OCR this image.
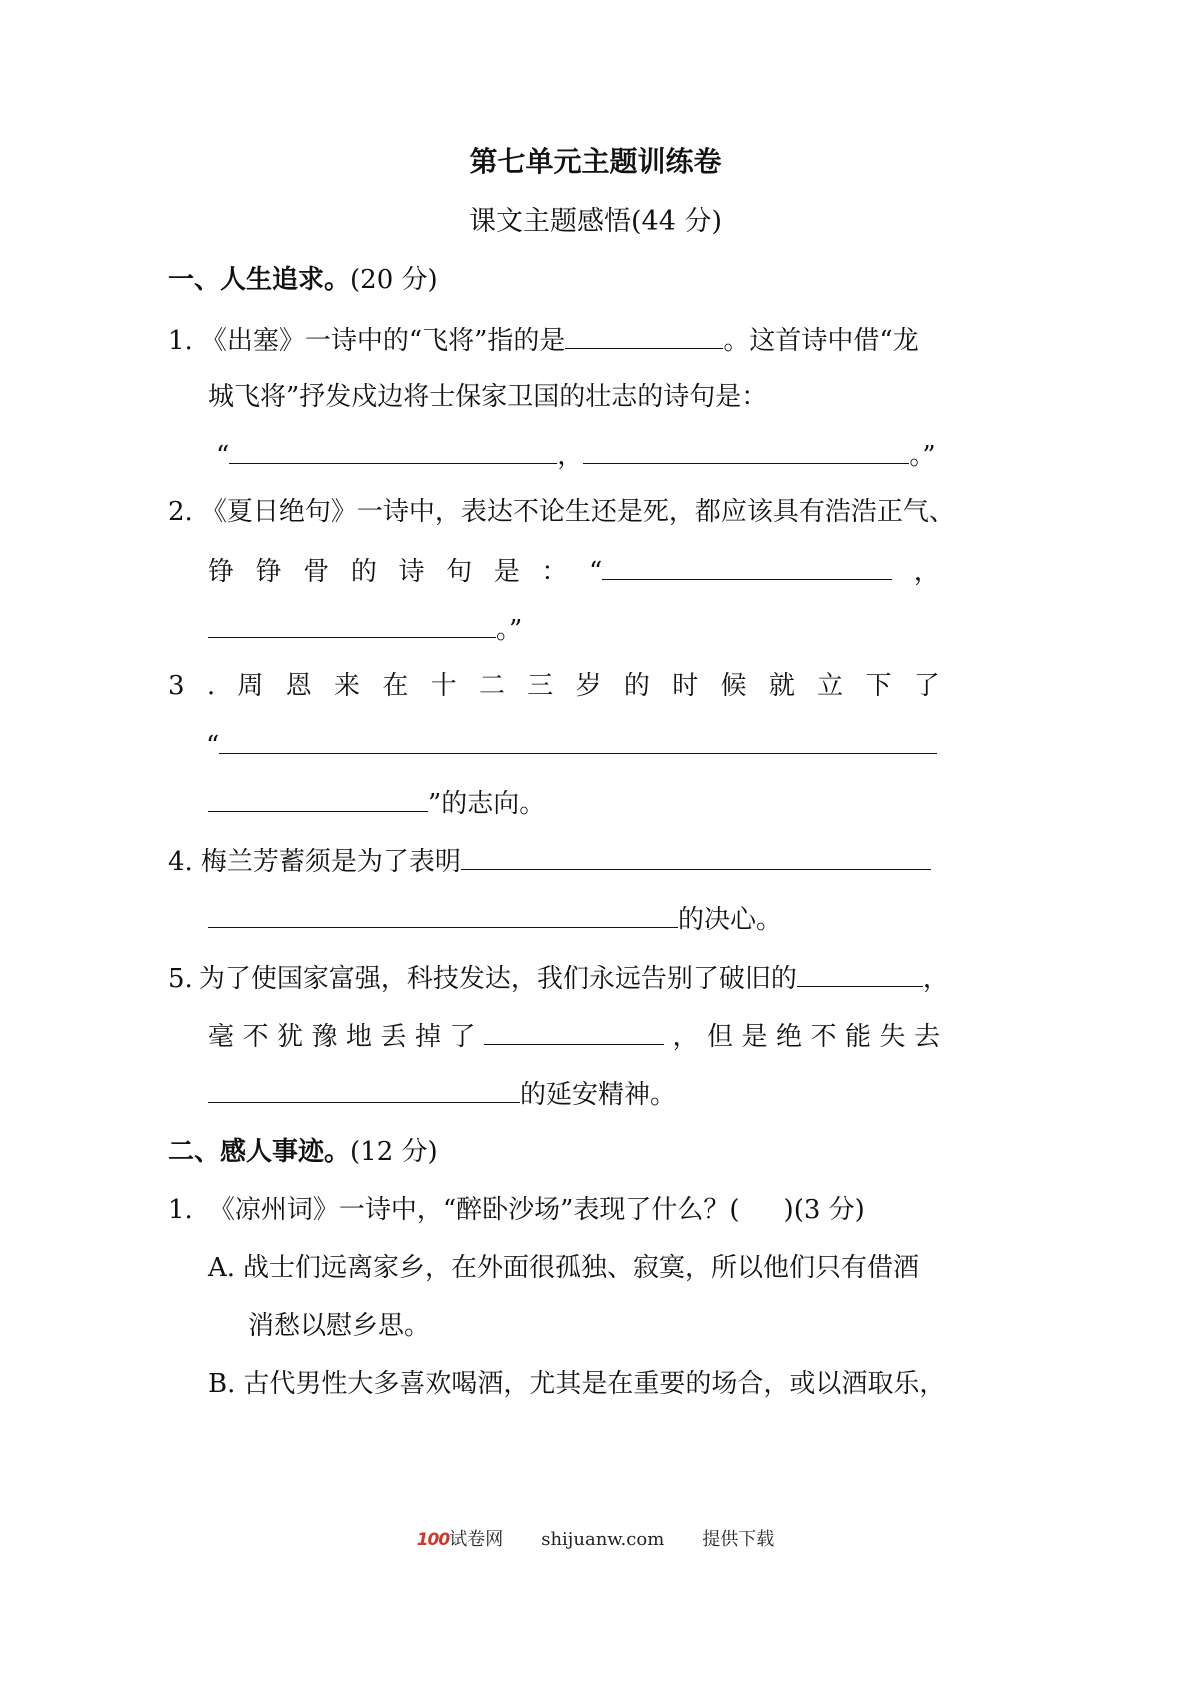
第七单元主题训练卷
课文主题感悟(44 分)
一、人生追求。(20 分)
1. 《出塞》一诗中的“飞将”指的是	。这首诗中借“龙
城飞将”抒发戍边将士保家卫国的壮志的诗句是：
“	，	。”
2. 《夏日绝句》一诗中，表达不论生还是死，都应该具有浩浩正气、
铮 铮 骨 的 诗 句 是 ： “	，
。”
3 . 周 恩 来 在 十 二 三 岁 的 时 候 就 立 下 了
“
”的志向。
4. 梅兰芳蓄须是为了表明
的决心。
5. 为了使国家富强，科技发达，我们永远告别了破旧的	，
毫 不 犹 豫 地 丢 掉 了	， 但 是 绝 不 能 失 去
的延安精神。
二、感人事迹。(12 分)
1. 《凉州词》一诗中，“醉卧沙场”表现了什么？( )(3 分)
A. 战士们远离家乡，在外面很孤独、寂寞，所以他们只有借酒
消愁以慰乡思。
B. 古代男性大多喜欢喝酒，尤其是在重要的场合，或以酒取乐，
100试卷网 shijuanw.com 提供下载
